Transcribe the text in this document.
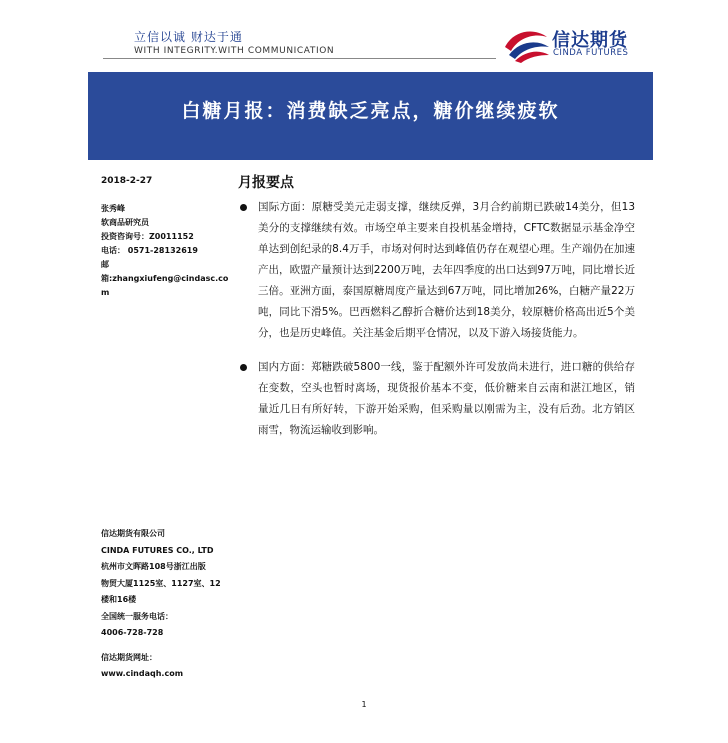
立信以诚 财达于通
WITH INTEGRITY.WITH COMMUNICATION	信达期货
CINDA FUTURES
白糖月报：消费缺乏亮点，糖价继续疲软
2018-2-27	月报要点
张秀峰
软商品研究员
投资咨询号：Z0011152
电话： 0571-28132619
邮
箱:zhangxiufeng@cindasc.co
m
国际方面：原糖受美元走弱支撑，继续反弹，3月合约前期已跌破14美分，但13美分的支撑继续有效。市场空单主要来自投机基金增持，CFTC数据显示基金净空单达到创纪录的8.4万手，市场对何时达到峰值仍存在观望心理。生产端仍在加速产出，欧盟产量预计达到2200万吨，去年四季度的出口达到97万吨，同比增长近三倍。亚洲方面，泰国原糖周度产量达到67万吨，同比增加26%，白糖产量22万吨，同比下滑5%。巴西燃料乙醇折合糖价达到18美分，较原糖价格高出近5个美分，也是历史峰值。关注基金后期平仓情况，以及下游入场接货能力。
国内方面：郑糖跌破5800一线，鉴于配额外许可发放尚未进行，进口糖的供给存在变数，空头也暂时离场，现货报价基本不变，低价糖来自云南和湛江地区，销量近几日有所好转，下游开始采购，但采购量以刚需为主，没有后劲。北方销区雨雪，物流运输收到影响。
信达期货有限公司
CINDA FUTURES CO., LTD
杭州市文晖路108号浙江出版
物贸大厦1125室、1127室、12
楼和16楼
全国统一服务电话：
4006-728-728
信达期货网址：
www.cindaqh.com
1
